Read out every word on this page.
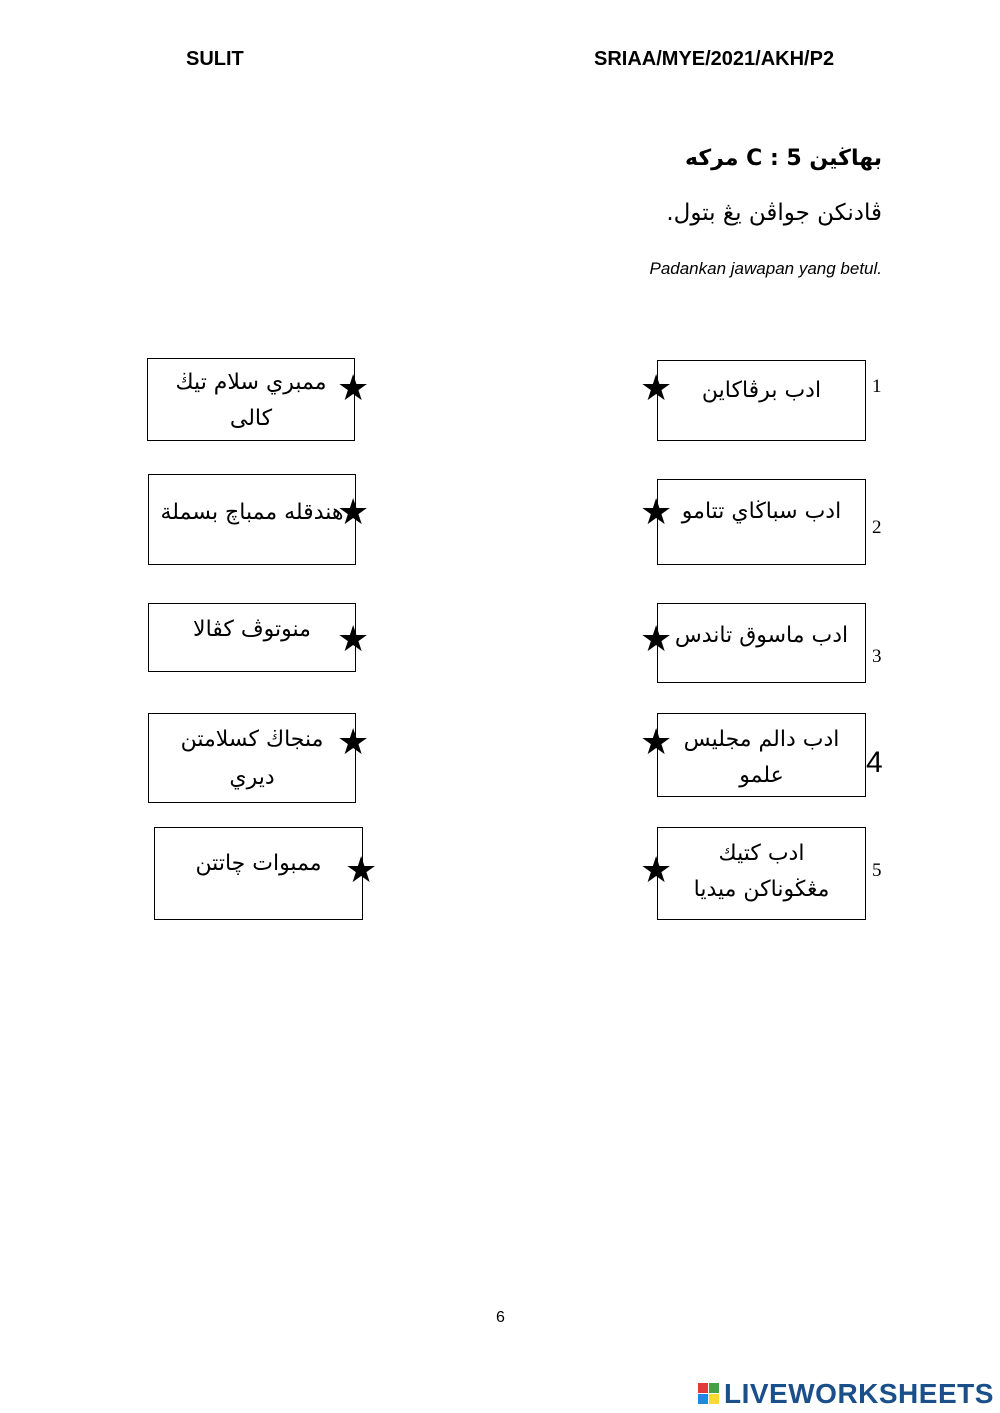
SULIT	SRIAA/MYE/2021/AKH/P2
بهاڬين C : 5 مركه
ڤادنكن جواڤن يڠ بتول.
Padankan jawapan yang betul.
ممبري سلام تيڬ
كالى
هندقله ممباچ بسملة
منوتوڤ كڤالا
منجاڬ كسلامتن
ديري
ممبوات چاتتن
★
★
★
★
★
ادب برڤاكاين
ادب سباڬاي تتامو
ادب ماسوق تاندس
ادب دالم مجليس
علمو
ادب كتيك
مڠڬوناكن ميديا
★
★
★
★
★
1
2
3
4
5
6
LIVEWORKSHEETS
